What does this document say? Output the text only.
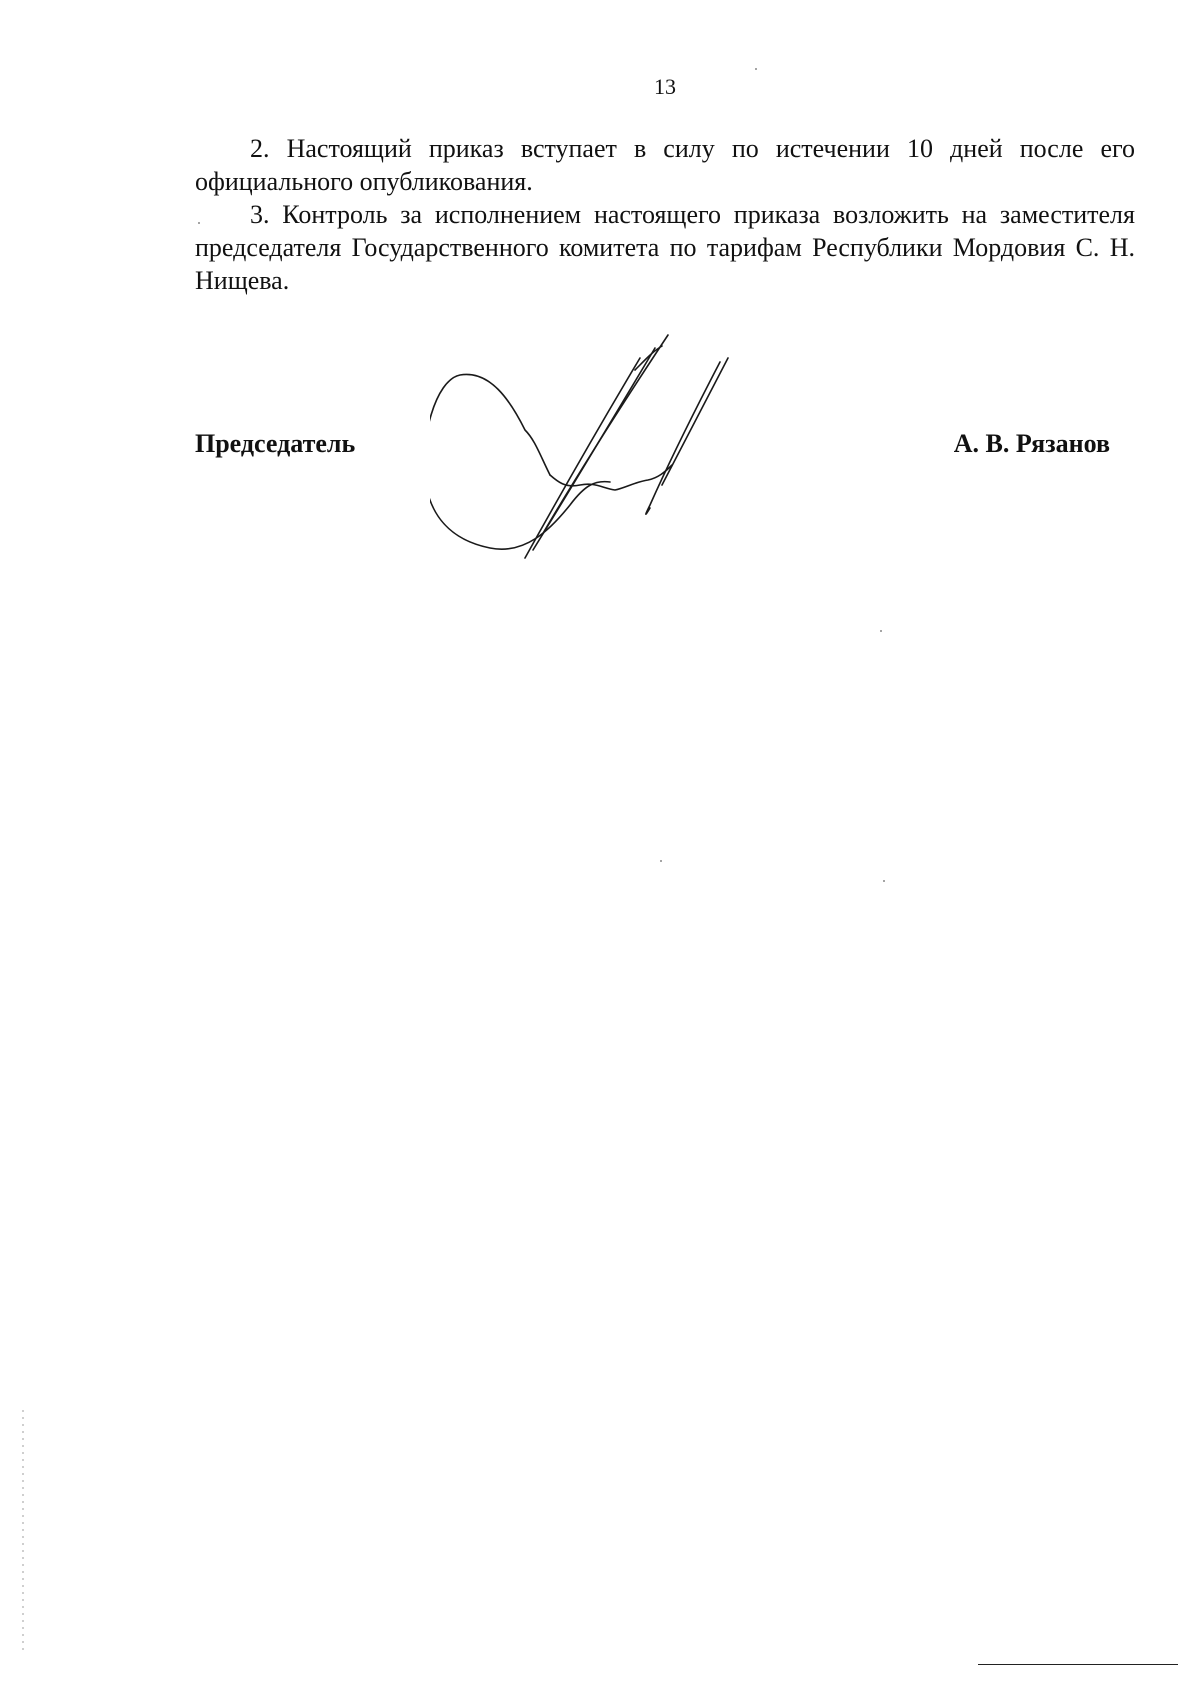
13

2. Настоящий приказ вступает в силу по истечении 10 дней после его официального опубликования.

3. Контроль за исполнением настоящего приказа возложить на заместителя председателя Государственного комитета по тарифам Республики Мордовия С. Н. Нищева.

Председатель	А. В. Рязанов
